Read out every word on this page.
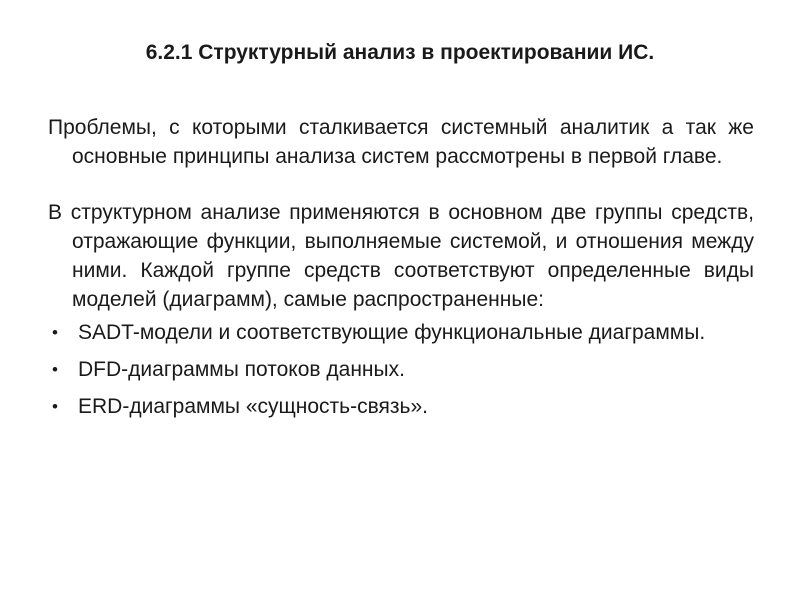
6.2.1 Структурный анализ в проектировании ИС.

Проблемы, с которыми сталкивается системный аналитик а так же основные принципы анализа систем рассмотрены в первой главе.

В структурном анализе применяются в основном две группы средств, отражающие функции, выполняемые системой, и отношения между ними. Каждой группе средств соответствуют определенные виды моделей (диаграмм), самые распространенные:

• SADT-модели и соответствующие функциональные диаграммы.
• DFD-диаграммы потоков данных.
• ERD-диаграммы «сущность-связь».
